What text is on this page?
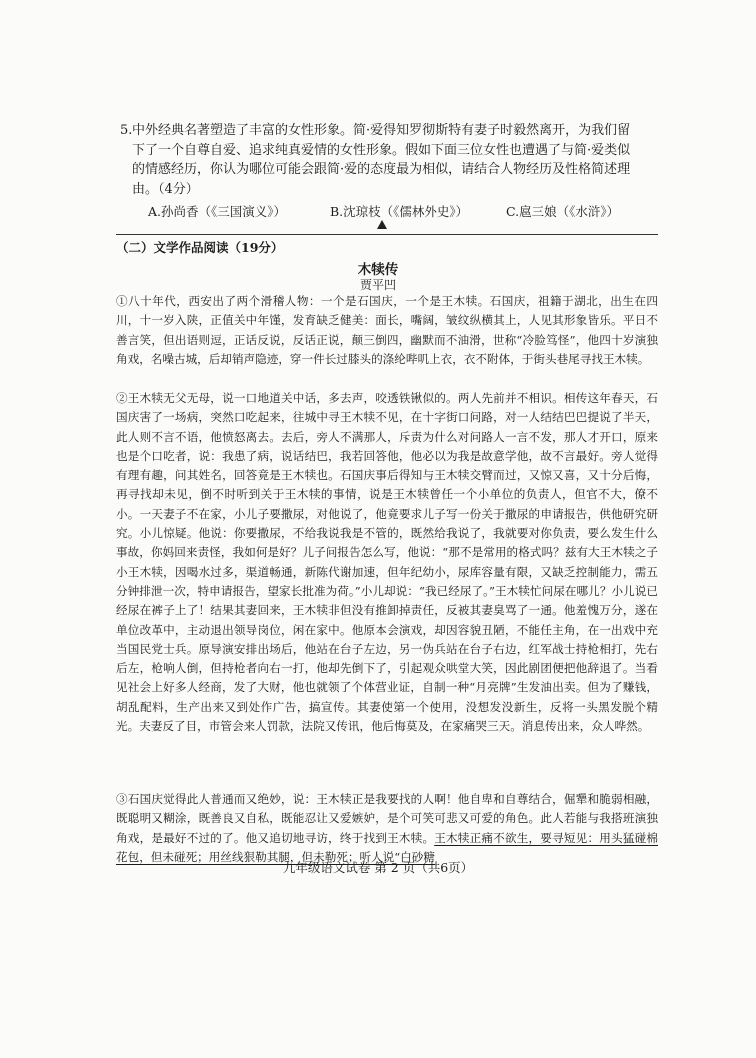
5. 中外经典名著塑造了丰富的女性形象。简·爱得知罗彻斯特有妻子时毅然离开，为我们留下了一个自尊自爱、追求纯真爱情的女性形象。假如下面三位女性也遭遇了与简·爱类似的情感经历，你认为哪位可能会跟简·爱的态度最为相似，请结合人物经历及性格简述理由。（4分）
A.孙尚香（《三国演义》）	B.沈琼枝（《儒林外史》）	C.扈三娘（《水浒》）
（二）文学作品阅读（19分）
木犊传
贾平凹
①八十年代，西安出了两个滑稽人物：一个是石国庆，一个是王木犊。石国庆，祖籍于湖北，出生在四川，十一岁入陕，正值关中年馑，发育缺乏健美：面长，嘴阔，皱纹纵横其上，人见其形象皆乐。平日不善言笑，但出语则逗，正话反说，反话正说，颠三倒四，幽默而不油滑，世称“冷脸笃怪”，他四十岁演独角戏，名噪古城，后却销声隐迹，穿一件长过膝头的涤纶哔叽上衣，衣不附体，于街头巷尾寻找王木犊。
②王木犊无父无母，说一口地道关中话，多去声，咬透铁锹似的。两人先前并不相识。相传这年春天，石国庆害了一场病，突然口吃起来，往城中寻王木犊不见，在十字街口问路，对一人结结巴巴提说了半天，此人则不言不语，他愤怒离去。去后，旁人不满那人，斥责为什么对问路人一言不发，那人才开口，原来也是个口吃者，说：我患了病，说话结巴，我若回答他，他必以为我是故意学他，故不言最好。旁人觉得有理有趣，问其姓名，回答竟是王木犊也。石国庆事后得知与王木犊交臂而过，又惊又喜，又十分后悔，再寻找却未见，倒不时听到关于王木犊的事情，说是王木犊曾任一个小单位的负责人，但官不大，僚不小。一天妻子不在家，小儿子要撒尿，对他说了，他竟要求儿子写一份关于撒尿的申请报告，供他研究研究。小儿惊疑。他说：你要撒尿，不给我说我是不管的，既然给我说了，我就要对你负责，要么发生什么事故，你妈回来责怪，我如何是好？儿子问报告怎么写，他说：“那不是常用的格式吗？兹有大王木犊之子小王木犊，因喝水过多，渠道畅通，新陈代谢加速，但年纪幼小，尿库容量有限，又缺乏控制能力，需五分钟排泄一次，特申请报告，望家长批准为荷。”小儿却说：“我已经尿了。”王木犊忙问尿在哪儿？小儿说已经尿在裤子上了！结果其妻回来，王木犊非但没有推卸掉责任，反被其妻臭骂了一通。他羞愧万分，遂在单位改革中，主动退出领导岗位，闲在家中。他原本会演戏，却因容貌丑陋，不能任主角，在一出戏中充当国民党士兵。原导演安排出场后，他站在台子左边，另一伪兵站在台子右边，红军战士持枪相打，先右后左，枪响人倒，但持枪者向右一打，他却先倒下了，引起观众哄堂大笑，因此剧团便把他辞退了。当看见社会上好多人经商，发了大财，他也就领了个体营业证，自制一种“月亮牌”生发油出卖。但为了赚钱，胡乱配料，生产出来又到处作广告，搞宣传。其妻使第一个使用，没想发没新生，反将一头黑发脱个精光。夫妻反了目，市管会来人罚款，法院又传讯，他后悔莫及，在家痛哭三天。消息传出来，众人哗然。
③石国庆觉得此人普通而又绝妙，说：王木犊正是我要找的人啊！他自卑和自尊结合，倔犟和脆弱相融，既聪明又糊涂，既善良又自私，既能忍让又爱嫉妒，是个可笑可悲又可爱的角色。此人若能与我搭班演独角戏，是最好不过的了。他又追切地寻访，终于找到王木犊。王木犊正痛不欲生，要寻短见：用头猛碰棉花包，但未碰死；用丝线狠勒其腿，但未勒死；听人说“白砂糖
九年级语文试卷 第 2 页（共6页）
